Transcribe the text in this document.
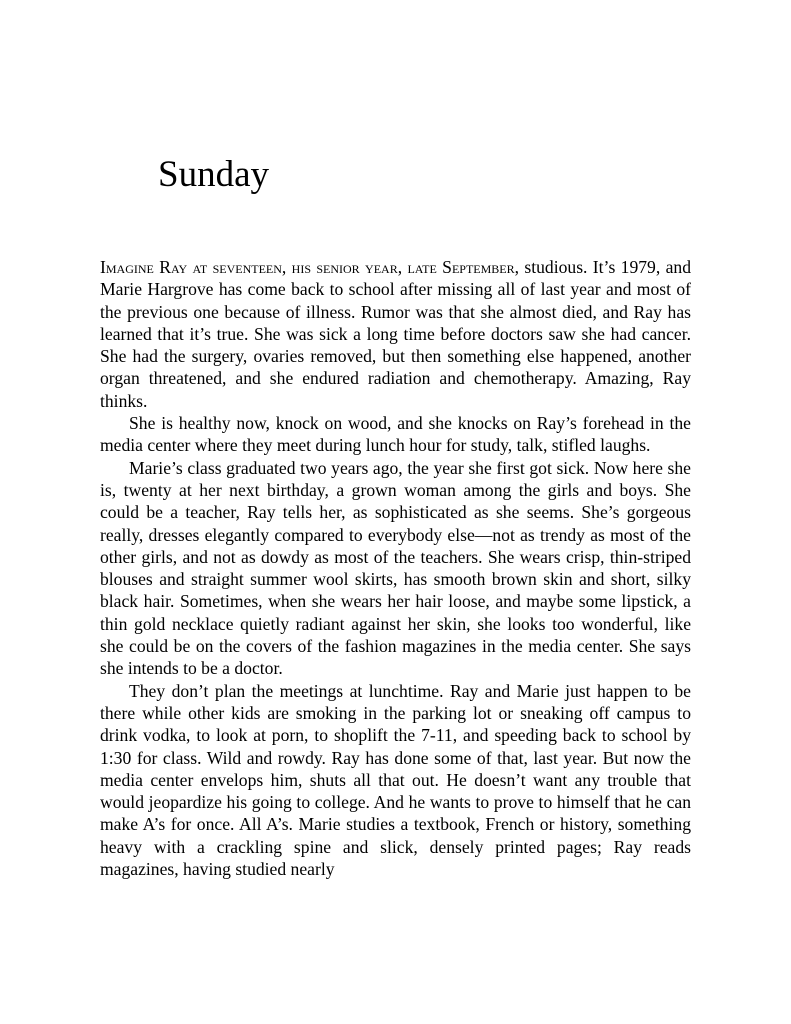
Sunday

Imagine Ray at seventeen, his senior year, late September, studious. It’s 1979, and Marie Hargrove has come back to school after missing all of last year and most of the previous one because of illness. Rumor was that she almost died, and Ray has learned that it’s true. She was sick a long time before doctors saw she had cancer. She had the surgery, ovaries removed, but then something else happened, another organ threatened, and she endured radiation and chemotherapy. Amazing, Ray thinks.

She is healthy now, knock on wood, and she knocks on Ray’s forehead in the media center where they meet during lunch hour for study, talk, stifled laughs.

Marie’s class graduated two years ago, the year she first got sick. Now here she is, twenty at her next birthday, a grown woman among the girls and boys. She could be a teacher, Ray tells her, as sophisticated as she seems. She’s gorgeous really, dresses elegantly compared to everybody else—not as trendy as most of the other girls, and not as dowdy as most of the teachers. She wears crisp, thin-striped blouses and straight summer wool skirts, has smooth brown skin and short, silky black hair. Sometimes, when she wears her hair loose, and maybe some lipstick, a thin gold necklace quietly radiant against her skin, she looks too wonderful, like she could be on the covers of the fashion magazines in the media center. She says she intends to be a doctor.

They don’t plan the meetings at lunchtime. Ray and Marie just happen to be there while other kids are smoking in the parking lot or sneaking off campus to drink vodka, to look at porn, to shoplift the 7-11, and speeding back to school by 1:30 for class. Wild and rowdy. Ray has done some of that, last year. But now the media center envelops him, shuts all that out. He doesn’t want any trouble that would jeopardize his going to college. And he wants to prove to himself that he can make A’s for once. All A’s. Marie studies a textbook, French or history, something heavy with a crackling spine and slick, densely printed pages; Ray reads magazines, having studied nearly
